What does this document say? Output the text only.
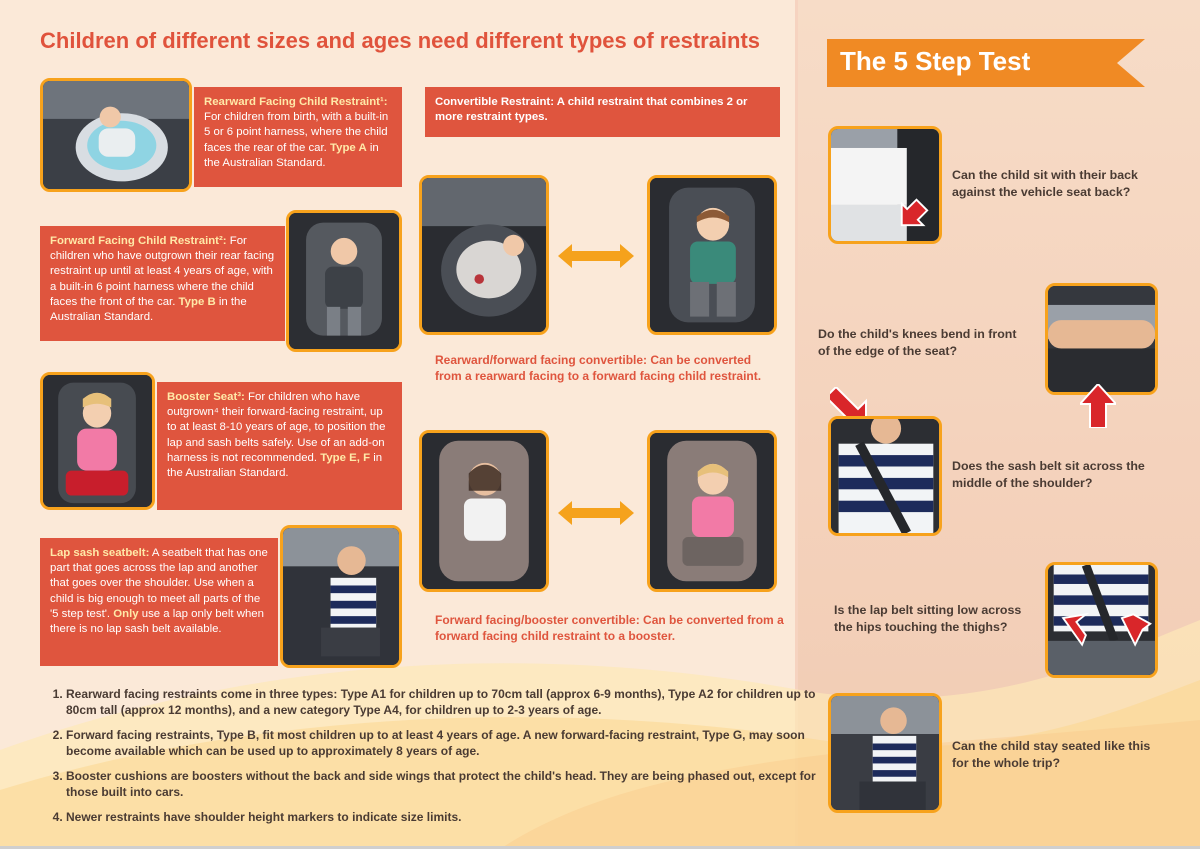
Children of different sizes and ages need different types of restraints
Rearward Facing Child Restraint¹: For children from birth, with a built-in 5 or 6 point harness, where the child faces the rear of the car. Type A in the Australian Standard.
Forward Facing Child Restraint²: For children who have outgrown their rear facing restraint up until at least 4 years of age, with a built-in 6 point harness where the child faces the front of the car. Type B in the Australian Standard.
Booster Seat³: For children who have outgrown⁴ their forward-facing restraint, up to at least 8-10 years of age, to position the lap and sash belts safely. Use of an add-on harness is not recommended. Type E, F in the Australian Standard.
Lap sash seatbelt: A seatbelt that has one part that goes across the lap and another that goes over the shoulder. Use when a child is big enough to meet all parts of the '5 step test'. Only use a lap only belt when there is no lap sash belt available.
Convertible Restraint: A child restraint that combines 2 or more restraint types.
Rearward/forward facing convertible: Can be converted from a rearward facing to a forward facing child restraint.
Forward facing/booster convertible: Can be converted from a forward facing child restraint to a booster.
1. Rearward facing restraints come in three types: Type A1 for children up to 70cm tall (approx 6-9 months), Type A2 for children up to 80cm tall (approx 12 months), and a new category Type A4, for children up to 2-3 years of age.
2. Forward facing restraints, Type B, fit most children up to at least 4 years of age. A new forward-facing restraint, Type G, may soon become available which can be used up to approximately 8 years of age.
3. Booster cushions are boosters without the back and side wings that protect the child's head. They are being phased out, except for those built into cars.
4. Newer restraints have shoulder height markers to indicate size limits.
The 5 Step Test
Can the child sit with their back against the vehicle seat back?
Do the child's knees bend in front of the edge of the seat?
Does the sash belt sit across the middle of the shoulder?
Is the lap belt sitting low across the hips touching the thighs?
Can the child stay seated like this for the whole trip?
